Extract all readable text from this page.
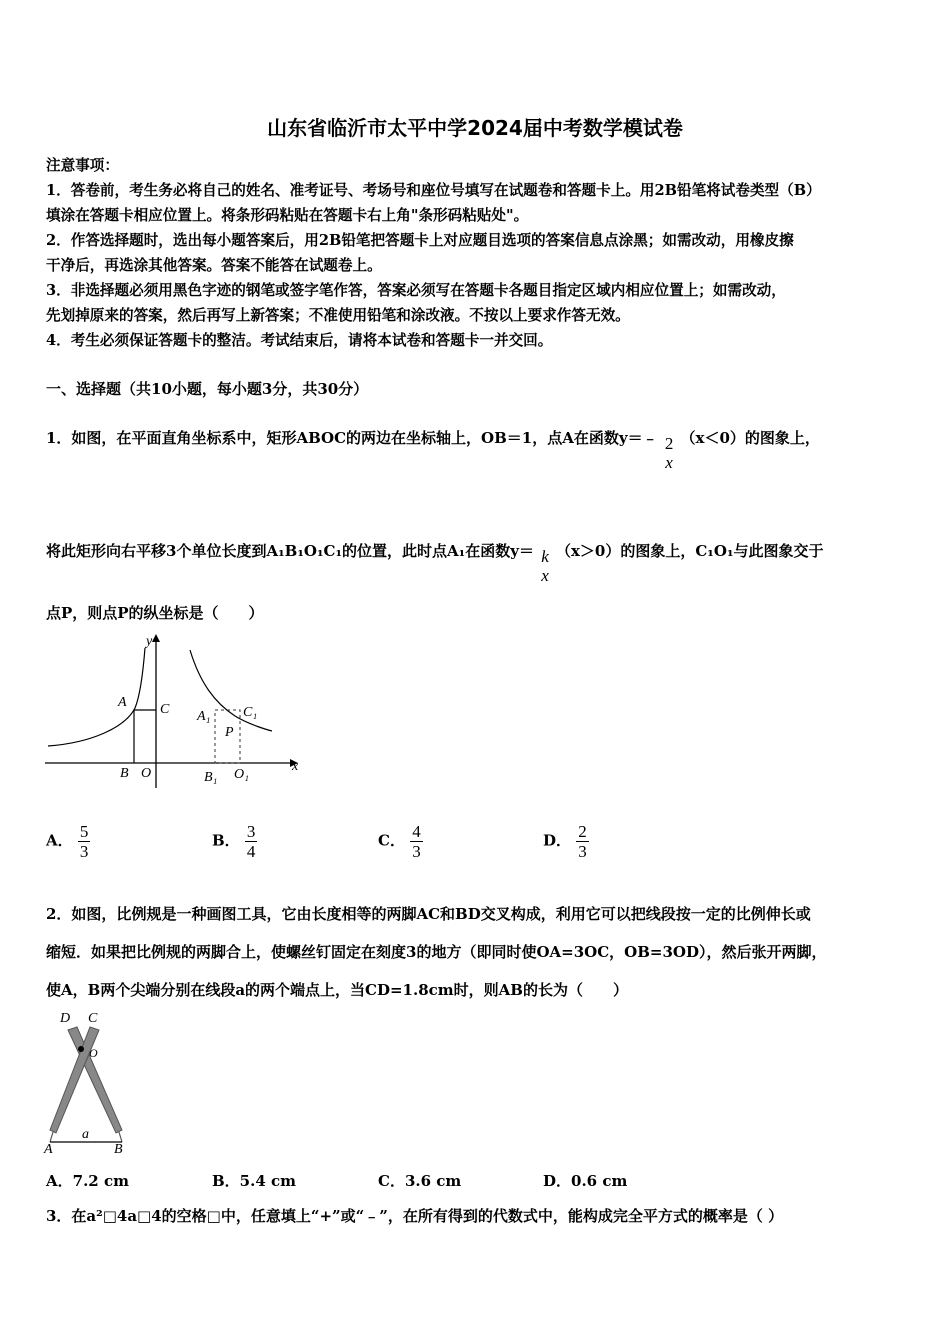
山东省临沂市太平中学2024届中考数学模试卷
注意事项：
1．答卷前，考生务必将自己的姓名、准考证号、考场号和座位号填写在试题卷和答题卡上。用2B铅笔将试卷类型（B）
填涂在答题卡相应位置上。将条形码粘贴在答题卡右上角"条形码粘贴处"。
2．作答选择题时，选出每小题答案后，用2B铅笔把答题卡上对应题目选项的答案信息点涂黑；如需改动，用橡皮擦
干净后，再选涂其他答案。答案不能答在试题卷上。
3．非选择题必须用黑色字迹的钢笔或签字笔作答，答案必须写在答题卡各题目指定区域内相应位置上；如需改动，
先划掉原来的答案，然后再写上新答案；不准使用铅笔和涂改液。不按以上要求作答无效。
4．考生必须保证答题卡的整洁。考试结束后，请将本试卷和答题卡一并交回。
一、选择题（共10小题，每小题3分，共30分）
1．如图，在平面直角坐标系中，矩形ABOC的两边在坐标轴上，OB＝1，点A在函数y＝﹣ 2
x
（x＜0）的图象上，
将此矩形向右平移3个单位长度到A₁B₁O₁C₁的位置，此时点A₁在函数y＝ k
x
（x＞0）的图象上，C₁O₁与此图象交于
点P，则点P的纵坐标是（　　）
y
x
A C
B O
A₁ C₁
P
B₁ O₁
A． $\frac{5}{3}$	B． $\frac{3}{4}$	C． $\frac{4}{3}$	D． $\frac{2}{3}$
2．如图，比例规是一种画图工具，它由长度相等的两脚AC和BD交叉构成，利用它可以把线段按一定的比例伸长或
缩短．如果把比例规的两脚合上，使螺丝钉固定在刻度3的地方（即同时使OA=3OC，OB=3OD），然后张开两脚，
使A，B两个尖端分别在线段a的两个端点上，当CD=1.8cm时，则AB的长为（　　）
D C
O
a
A	B
A．7.2 cm	B．5.4 cm	C．3.6 cm	D．0.6 cm
3．在a²□4a□4的空格□中，任意填上“+”或“﹣”，在所有得到的代数式中，能构成完全平方式的概率是（ ）
